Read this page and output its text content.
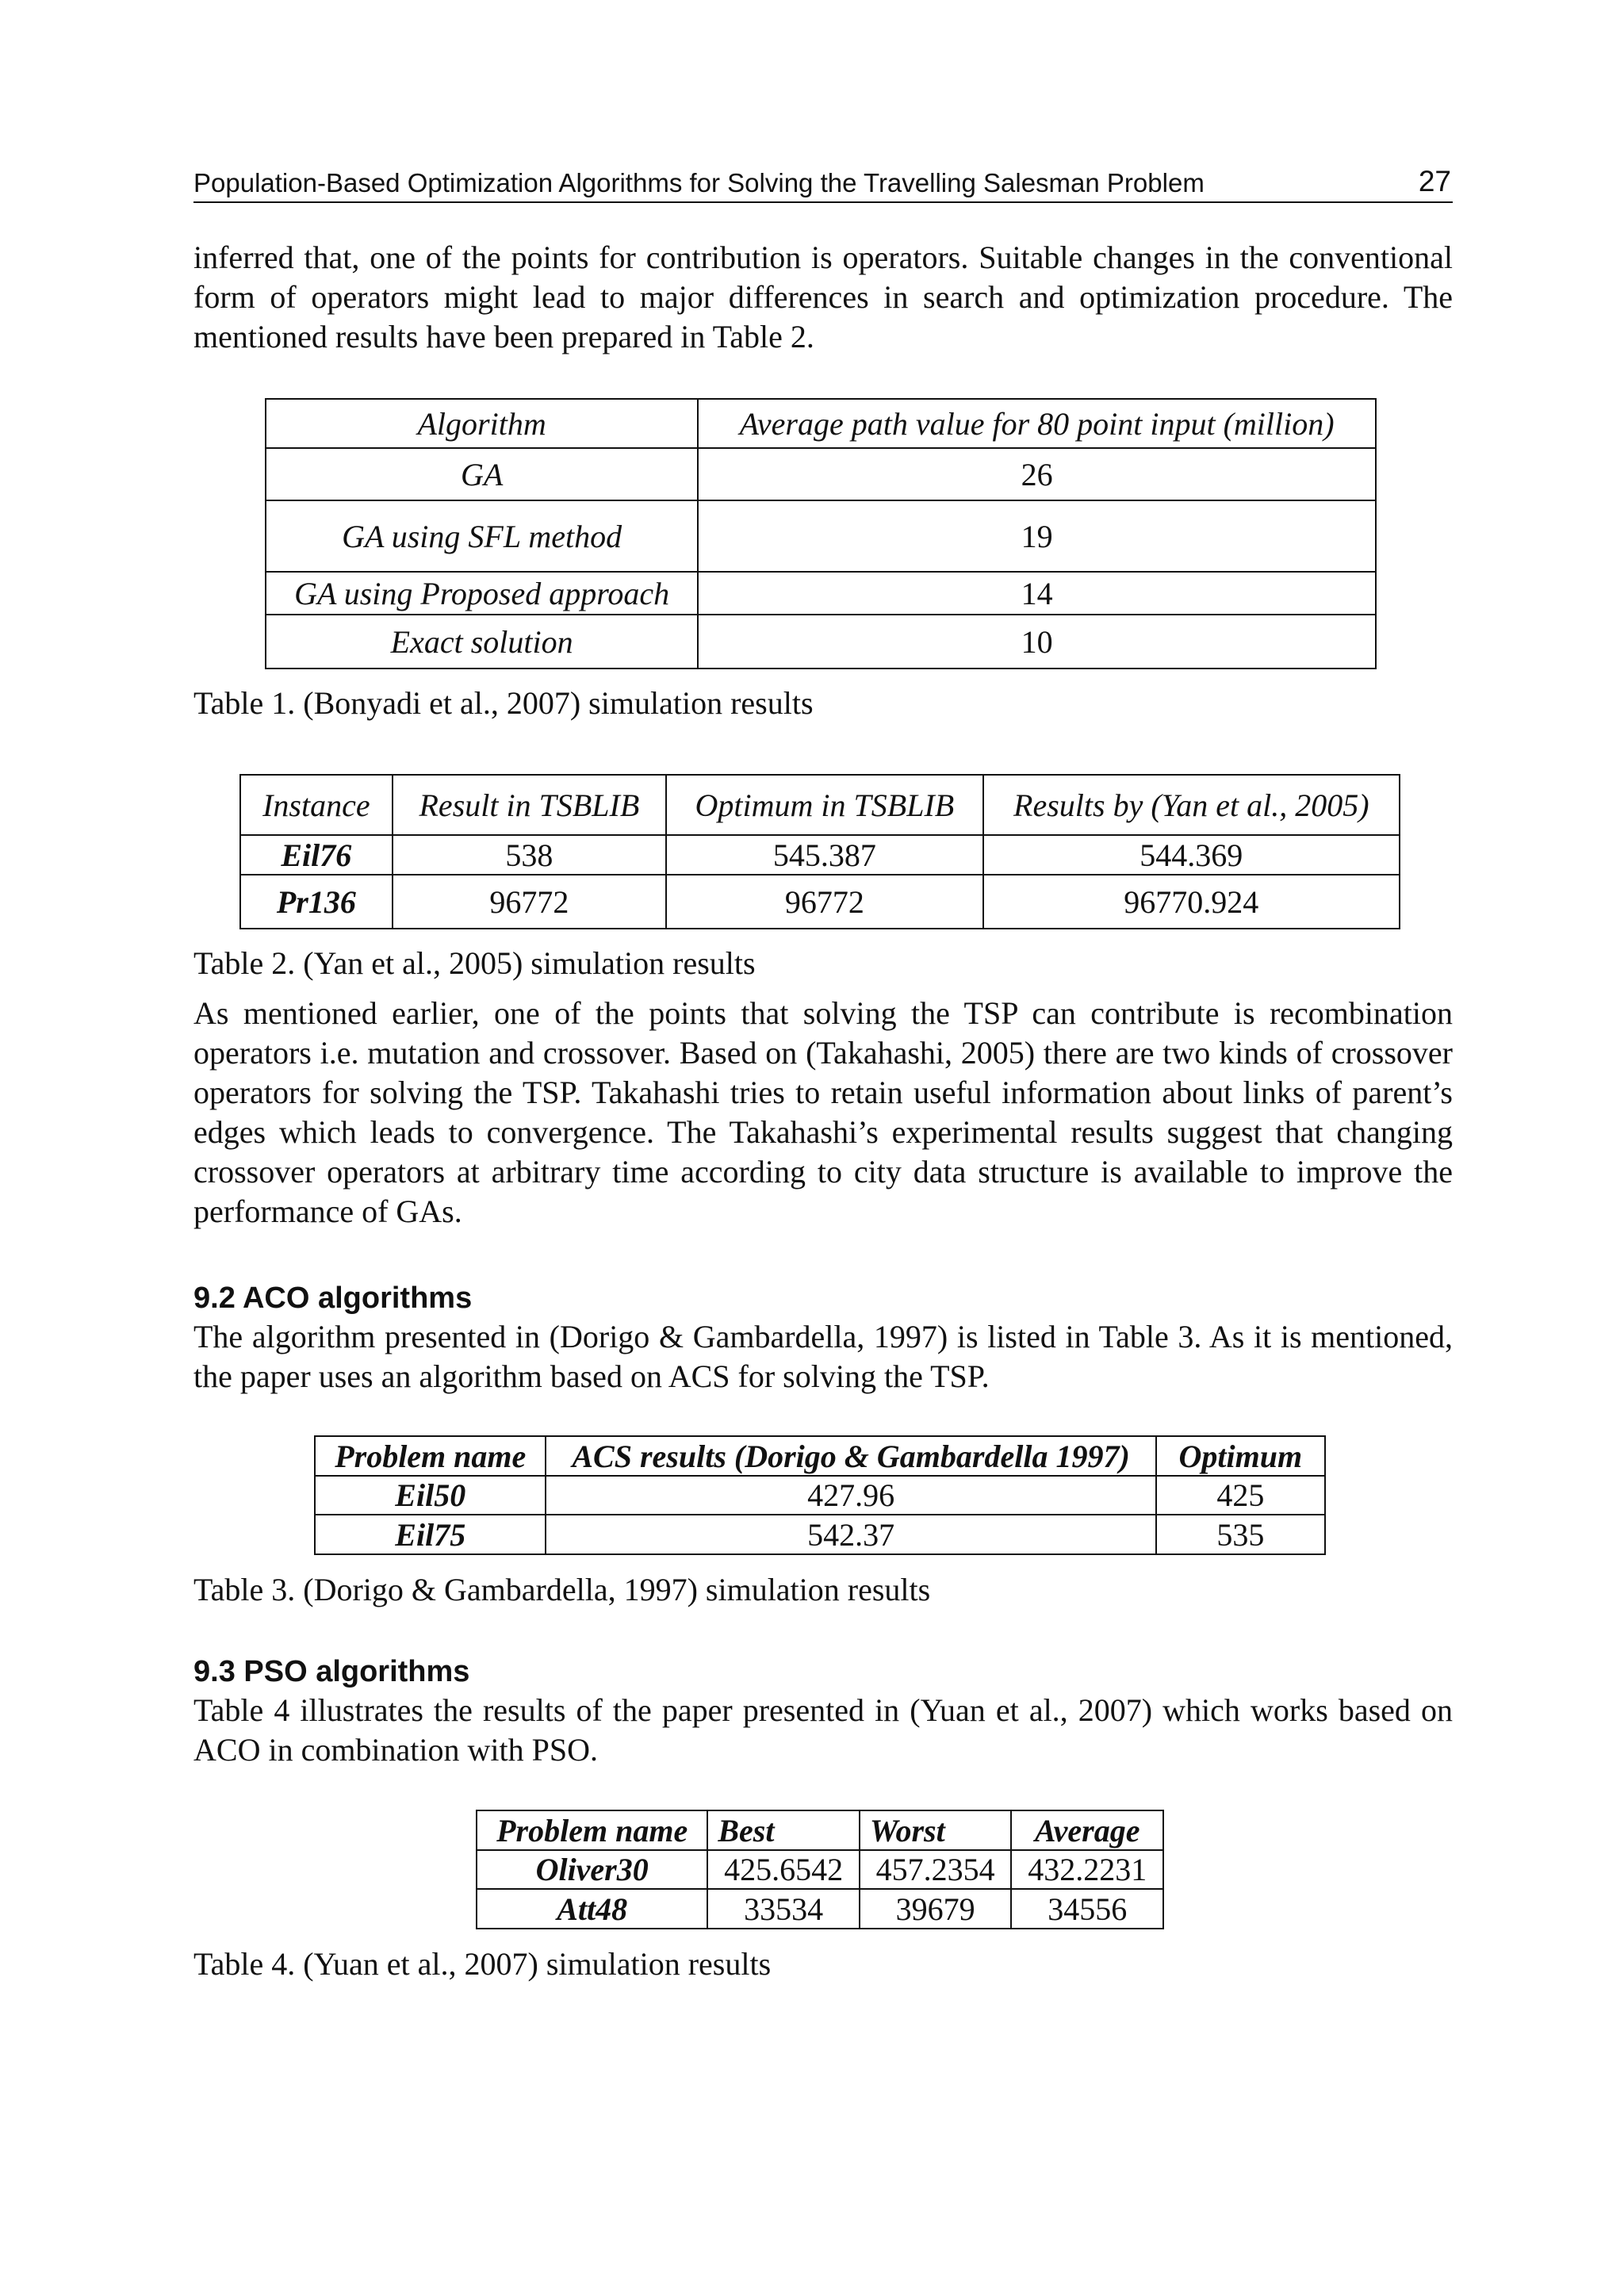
Population-Based Optimization Algorithms for Solving the Travelling Salesman Problem	27

inferred that, one of the points for contribution is operators. Suitable changes in the conventional form of operators might lead to major differences in search and optimization procedure. The mentioned results have been prepared in Table 2.

Algorithm	Average path value for 80 point input (million)
GA	26
GA using SFL method	19
GA using Proposed approach	14
Exact solution	10

Table 1. (Bonyadi et al., 2007) simulation results

Instance	Result in TSBLIB	Optimum in TSBLIB	Results by (Yan et al., 2005)
Eil76	538	545.387	544.369
Pr136	96772	96772	96770.924

Table 2. (Yan et al., 2005) simulation results

As mentioned earlier, one of the points that solving the TSP can contribute is recombination operators i.e. mutation and crossover. Based on (Takahashi, 2005) there are two kinds of crossover operators for solving the TSP. Takahashi tries to retain useful information about links of parent’s edges which leads to convergence. The Takahashi’s experimental results suggest that changing crossover operators at arbitrary time according to city data structure is available to improve the performance of GAs.

9.2 ACO algorithms

The algorithm presented in (Dorigo & Gambardella, 1997) is listed in Table 3. As it is mentioned, the paper uses an algorithm based on ACS for solving the TSP.

Problem name	ACS results (Dorigo & Gambardella 1997)	Optimum
Eil50	427.96	425
Eil75	542.37	535

Table 3. (Dorigo & Gambardella, 1997) simulation results

9.3 PSO algorithms

Table 4 illustrates the results of the paper presented in (Yuan et al., 2007) which works based on ACO in combination with PSO.

Problem name	Best	Worst	Average
Oliver30	425.6542	457.2354	432.2231
Att48	33534	39679	34556

Table 4. (Yuan et al., 2007) simulation results
